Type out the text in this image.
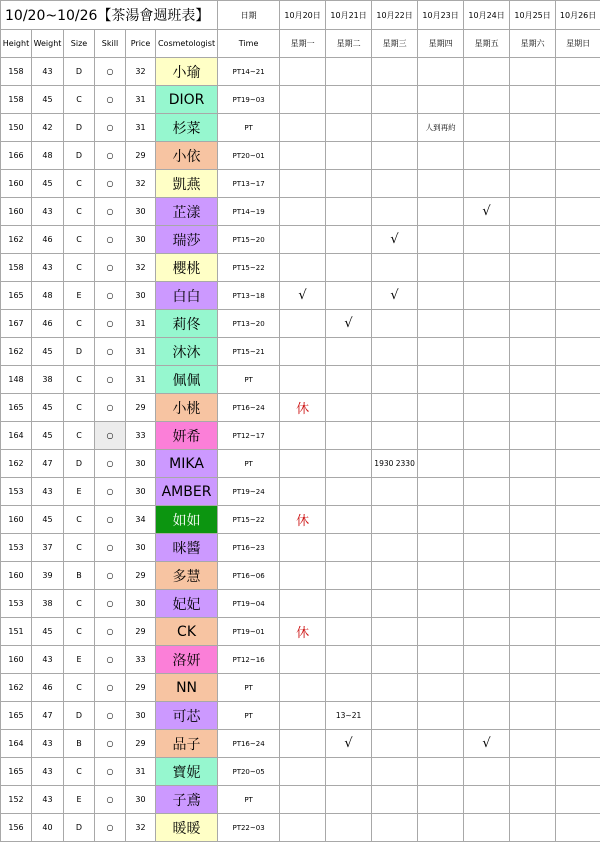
10/20~10/26【茶湯會週班表】						日期	10月20日	10月21日	10月22日	10月23日	10月24日	10月25日	10月26日
Height	Weight	Size	Skill	Price	Cosmetologist	Time	星期一	星期二	星期三	星期四	星期五	星期六	星期日
158	43	D	○	32	小瑜	PT14~21							
158	45	C	○	31	DIOR	PT19~03							
150	42	D	○	31	杉菜	PT				人到再約			
166	48	D	○	29	小依	PT20~01							
160	45	C	○	32	凱燕	PT13~17							
160	43	C	○	30	芷漾	PT14~19					√		
162	46	C	○	30	瑞莎	PT15~20			√				
158	43	C	○	32	櫻桃	PT15~22							
165	48	E	○	30	白白	PT13~18	√		√				
167	46	C	○	31	莉佟	PT13~20		√					
162	45	D	○	31	沐沐	PT15~21							
148	38	C	○	31	佩佩	PT							
165	45	C	○	29	小桃	PT16~24	休						
164	45	C	○	33	妍希	PT12~17							
162	47	D	○	30	MIKA	PT			1930 2330				
153	43	E	○	30	AMBER	PT19~24							
160	45	C	○	34	如如	PT15~22	休						
153	37	C	○	30	咪醬	PT16~23							
160	39	B	○	29	多慧	PT16~06							
153	38	C	○	30	妃妃	PT19~04							
151	45	C	○	29	CK	PT19~01	休						
160	43	E	○	33	洛妍	PT12~16							
162	46	C	○	29	NN	PT							
165	47	D	○	30	可芯	PT		13~21					
164	43	B	○	29	品子	PT16~24		√			√		
165	43	C	○	31	寶妮	PT20~05							
152	43	E	○	30	子鳶	PT							
156	40	D	○	32	暖暖	PT22~03							
